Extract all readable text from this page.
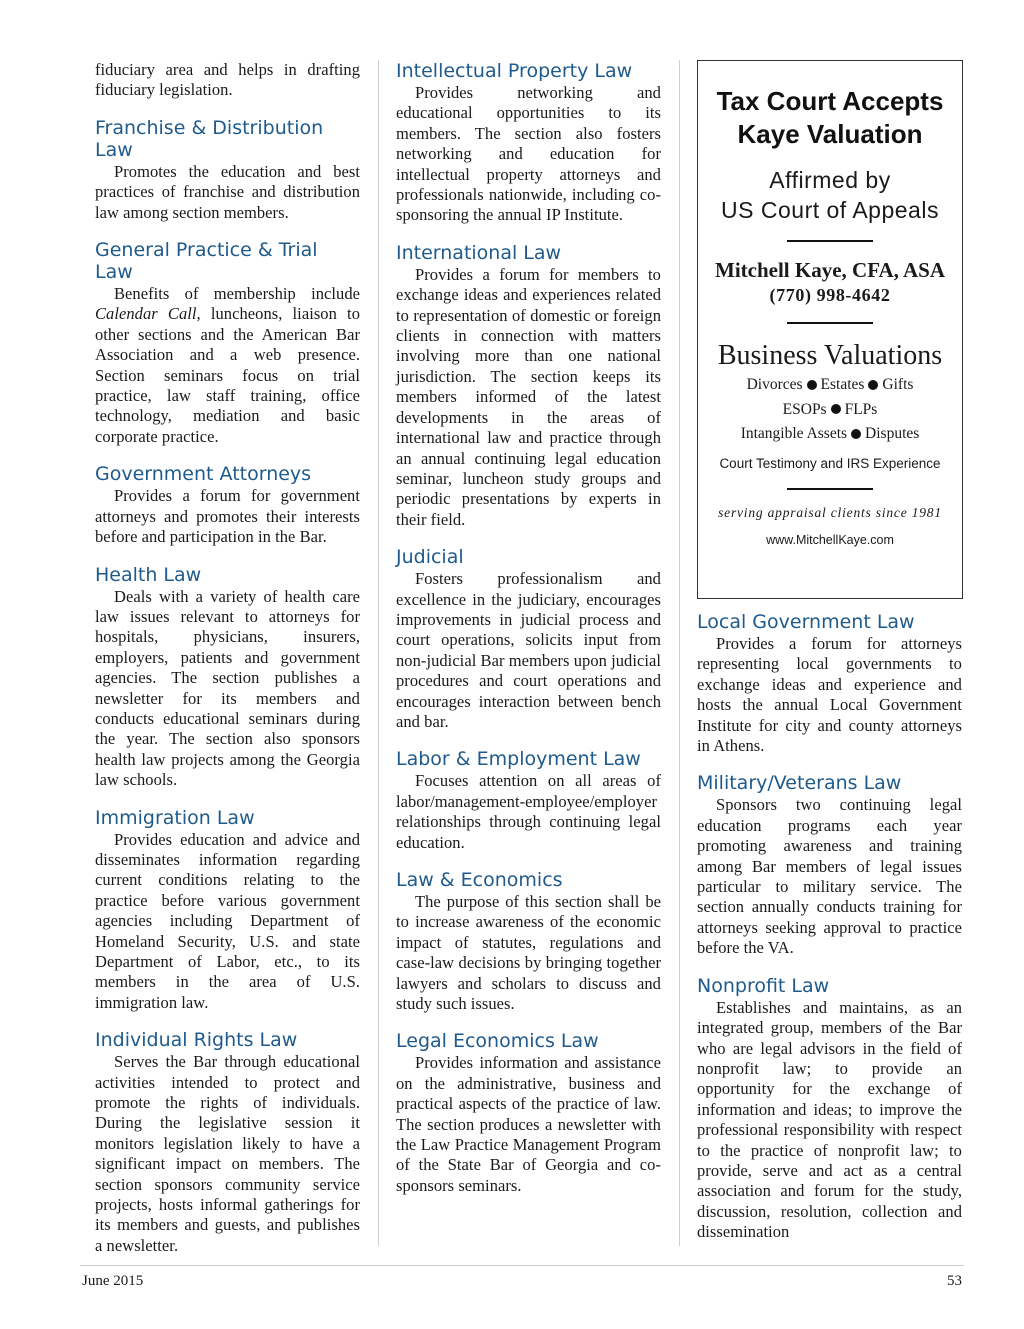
fiduciary area and helps in drafting fiduciary legislation.

Franchise & Distribution Law

Promotes the education and best practices of franchise and distribution law among section members.

General Practice & Trial Law

Benefits of membership include Calendar Call, luncheons, liaison to other sections and the American Bar Association and a web presence. Section seminars focus on trial practice, law staff training, office technology, mediation and basic corporate practice.

Government Attorneys

Provides a forum for government attorneys and promotes their interests before and participation in the Bar.

Health Law

Deals with a variety of health care law issues relevant to attorneys for hospitals, physicians, insurers, employers, patients and government agencies. The section publishes a newsletter for its members and conducts educational seminars during the year. The section also sponsors health law projects among the Georgia law schools.

Immigration Law

Provides education and advice and disseminates information regarding current conditions relating to the practice before various government agencies including Department of Homeland Security, U.S. and state Department of Labor, etc., to its members in the area of U.S. immigration law.

Individual Rights Law

Serves the Bar through educational activities intended to protect and promote the rights of individuals. During the legislative session it monitors legislation likely to have a significant impact on members. The section sponsors community service projects, hosts informal gatherings for its members and guests, and publishes a newsletter.

Intellectual Property Law

Provides networking and educational opportunities to its members. The section also fosters networking and education for intellectual property attorneys and professionals nationwide, including co-sponsoring the annual IP Institute.

International Law

Provides a forum for members to exchange ideas and experiences related to representation of domestic or foreign clients in connection with matters involving more than one national jurisdiction. The section keeps its members informed of the latest developments in the areas of international law and practice through an annual continuing legal education seminar, luncheon study groups and periodic presentations by experts in their field.

Judicial

Fosters professionalism and excellence in the judiciary, encourages improvements in judicial process and court operations, solicits input from non-judicial Bar members upon judicial procedures and court operations and encourages interaction between bench and bar.

Labor & Employment Law

Focuses attention on all areas of labor/management-employee/employer relationships through continuing legal education.

Law & Economics

The purpose of this section shall be to increase awareness of the economic impact of statutes, regulations and case-law decisions by bringing together lawyers and scholars to discuss and study such issues.

Legal Economics Law

Provides information and assistance on the administrative, business and practical aspects of the practice of law. The section produces a newsletter with the Law Practice Management Program of the State Bar of Georgia and co-sponsors seminars.

Tax Court Accepts
Kaye Valuation
Affirmed by
US Court of Appeals
Mitchell Kaye, CFA, ASA
(770) 998-4642
Business Valuations
Divorces Estates Gifts
ESOPs FLPs
Intangible Assets Disputes
Court Testimony and IRS Experience
serving appraisal clients since 1981
www.MitchellKaye.com
Local Government Law

Provides a forum for attorneys representing local governments to exchange ideas and experience and hosts the annual Local Government Institute for city and county attorneys in Athens.

Military/Veterans Law

Sponsors two continuing legal education programs each year promoting awareness and training among Bar members of legal issues particular to military service. The section annually conducts training for attorneys seeking approval to practice before the VA.

Nonprofit Law

Establishes and maintains, as an integrated group, members of the Bar who are legal advisors in the field of nonprofit law; to provide an opportunity for the exchange of information and ideas; to improve the professional responsibility with respect to the practice of nonprofit law; to provide, serve and act as a central association and forum for the study, discussion, resolution, collection and dissemination

June 2015	53
